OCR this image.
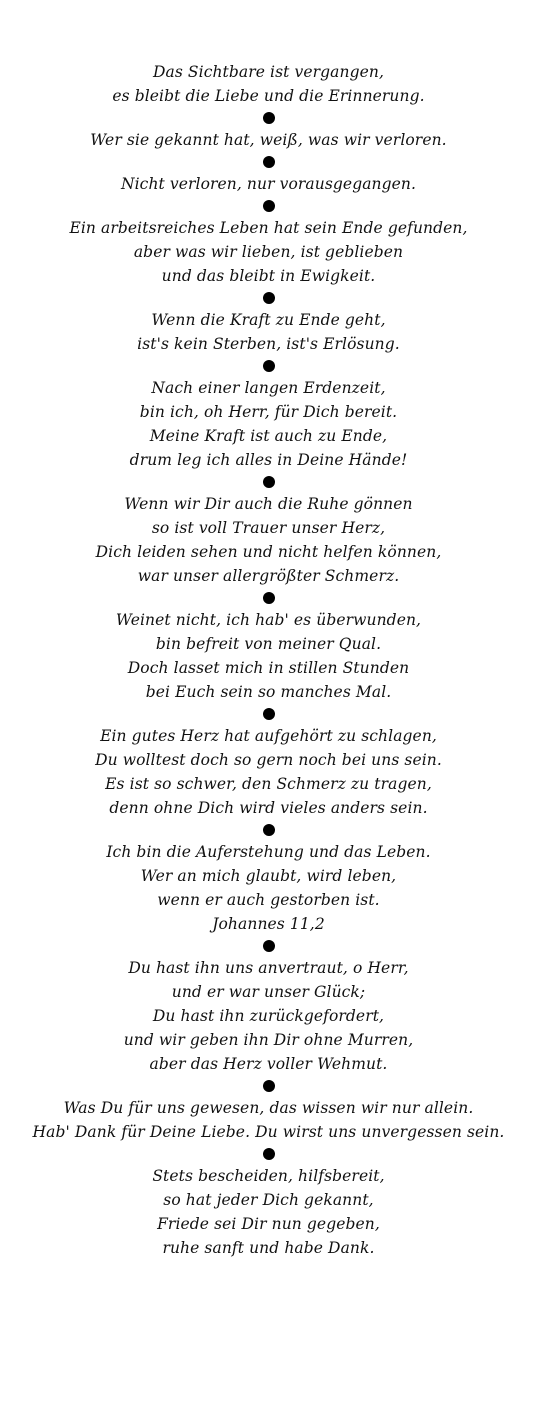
Das Sichtbare ist vergangen,
es bleibt die Liebe und die Erinnerung.
Wer sie gekannt hat, weiß, was wir verloren.
Nicht verloren, nur vorausgegangen.
Ein arbeitsreiches Leben hat sein Ende gefunden,
aber was wir lieben, ist geblieben
und das bleibt in Ewigkeit.
Wenn die Kraft zu Ende geht,
ist's kein Sterben, ist's Erlösung.
Nach einer langen Erdenzeit,
bin ich, oh Herr, für Dich bereit.
Meine Kraft ist auch zu Ende,
drum leg ich alles in Deine Hände!
Wenn wir Dir auch die Ruhe gönnen
so ist voll Trauer unser Herz,
Dich leiden sehen und nicht helfen können,
war unser allergrößter Schmerz.
Weinet nicht, ich hab' es überwunden,
bin befreit von meiner Qual.
Doch lasset mich in stillen Stunden
bei Euch sein so manches Mal.
Ein gutes Herz hat aufgehört zu schlagen,
Du wolltest doch so gern noch bei uns sein.
Es ist so schwer, den Schmerz zu tragen,
denn ohne Dich wird vieles anders sein.
Ich bin die Auferstehung und das Leben.
Wer an mich glaubt, wird leben,
wenn er auch gestorben ist.
Johannes 11,2
Du hast ihn uns anvertraut, o Herr,
und er war unser Glück;
Du hast ihn zurückgefordert,
und wir geben ihn Dir ohne Murren,
aber das Herz voller Wehmut.
Was Du für uns gewesen, das wissen wir nur allein.
Hab' Dank für Deine Liebe. Du wirst uns unvergessen sein.
Stets bescheiden, hilfsbereit,
so hat jeder Dich gekannt,
Friede sei Dir nun gegeben,
ruhe sanft und habe Dank.
